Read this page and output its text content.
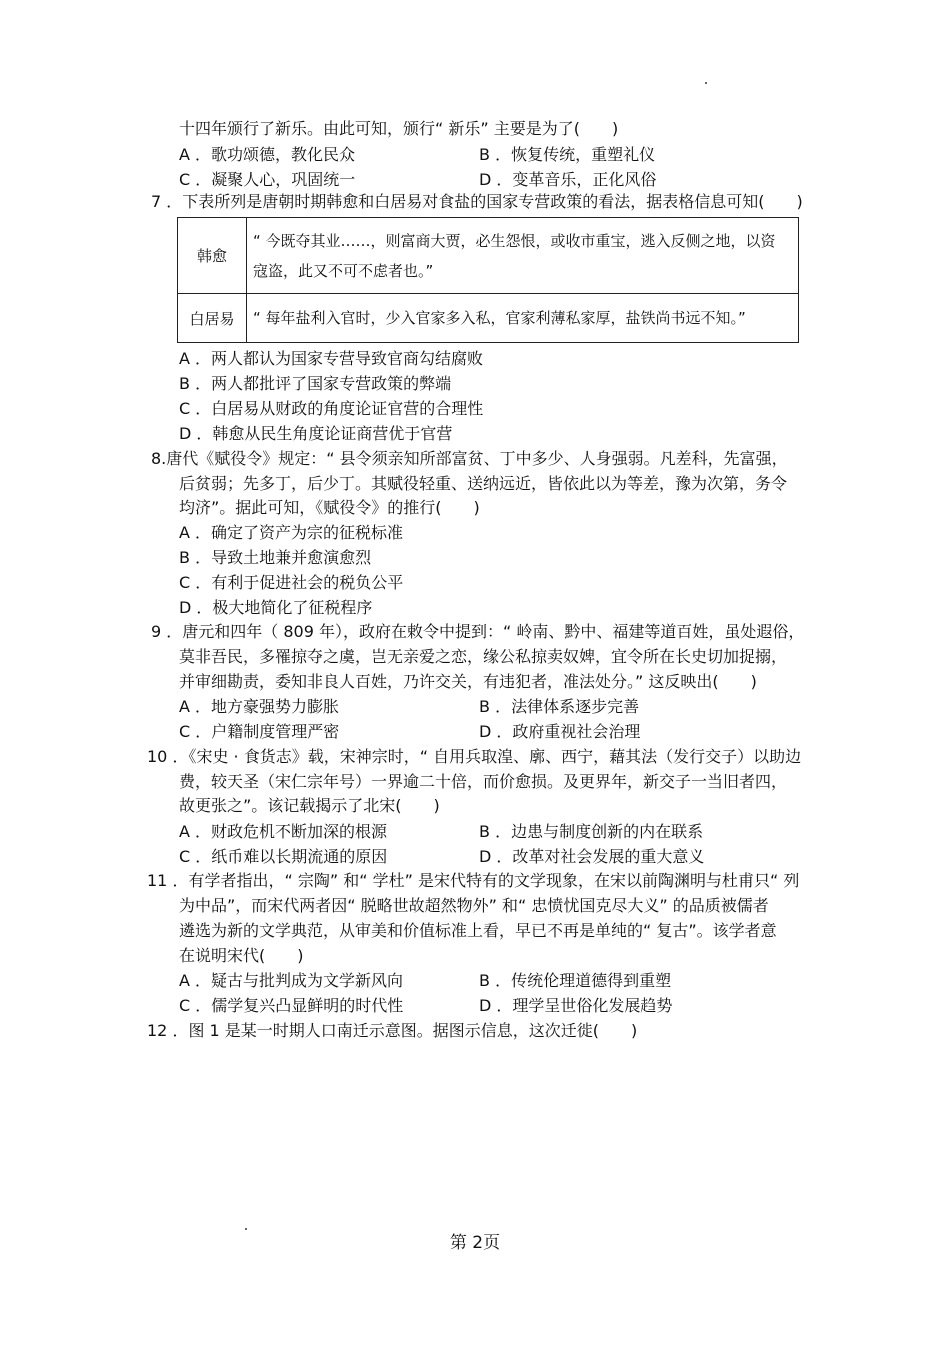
十四年颁行了新乐。由此可知，颁行“ 新乐” 主要是为了(　　)
A ．歌功颂德，教化民众	B ．恢复传统，重塑礼仪
C ．凝聚人心，巩固统一	D ．变革音乐，正化风俗
7 ．下表所列是唐朝时期韩愈和白居易对食盐的国家专营政策的看法，据表格信息可知(　　)
韩愈	“ 今既夺其业……，则富商大贾，必生怨恨，或收市重宝，逃入反侧之地，以资
寇盗，此又不可不虑者也。”

白居易	“ 每年盐利入官时，少入官家多入私，官家利薄私家厚，盐铁尚书远不知。”
A ．两人都认为国家专营导致官商勾结腐败
B ．两人都批评了国家专营政策的弊端
C ．白居易从财政的角度论证官营的合理性
D ．韩愈从民生角度论证商营优于官营
8.唐代《赋役令》规定：“ 县令须亲知所部富贫、丁中多少、人身强弱。凡差科，先富强，
后贫弱；先多丁，后少丁。其赋役轻重、送纳远近，皆依此以为等差，豫为次第，务令
均济”。据此可知，《赋役令》的推行(　　)
A ．确定了资产为宗的征税标准
B ．导致土地兼并愈演愈烈
C ．有利于促进社会的税负公平
D ．极大地简化了征税程序
9 ．唐元和四年（ 809 年），政府在敕令中提到：“ 岭南、黔中、福建等道百姓，虽处遐俗，
莫非吾民，多罹掠夺之虞，岂无亲爱之恋，缘公私掠卖奴婢，宜令所在长史切加捉搦，
并审细勘责，委知非良人百姓，乃许交关，有违犯者，准法处分。” 这反映出(　　)
A ．地方豪强势力膨胀	B ．法律体系逐步完善
C ．户籍制度管理严密	D ．政府重视社会治理
10 ．《宋史 · 食货志》载，宋神宗时，“ 自用兵取湟、廓、西宁，藉其法（发行交子）以助边
费，较天圣（宋仁宗年号）一界逾二十倍，而价愈损。及更界年，新交子一当旧者四，
故更张之”。该记载揭示了北宋(　　)
A ．财政危机不断加深的根源	B ．边患与制度创新的内在联系
C ．纸币难以长期流通的原因	D ．改革对社会发展的重大意义
11 ．有学者指出，“ 宗陶” 和“ 学杜” 是宋代特有的文学现象，在宋以前陶渊明与杜甫只“ 列
为中品”，而宋代两者因“ 脱略世故超然物外” 和“ 忠愤忧国克尽大义” 的品质被儒者
遴选为新的文学典范，从审美和价值标准上看，早已不再是单纯的“ 复古”。该学者意
在说明宋代(　　)
A ．疑古与批判成为文学新风向	B ．传统伦理道德得到重塑
C ．儒学复兴凸显鲜明的时代性	D ．理学呈世俗化发展趋势
12 ．图 1 是某一时期人口南迁示意图。据图示信息，这次迁徙(　　)
第 2页
